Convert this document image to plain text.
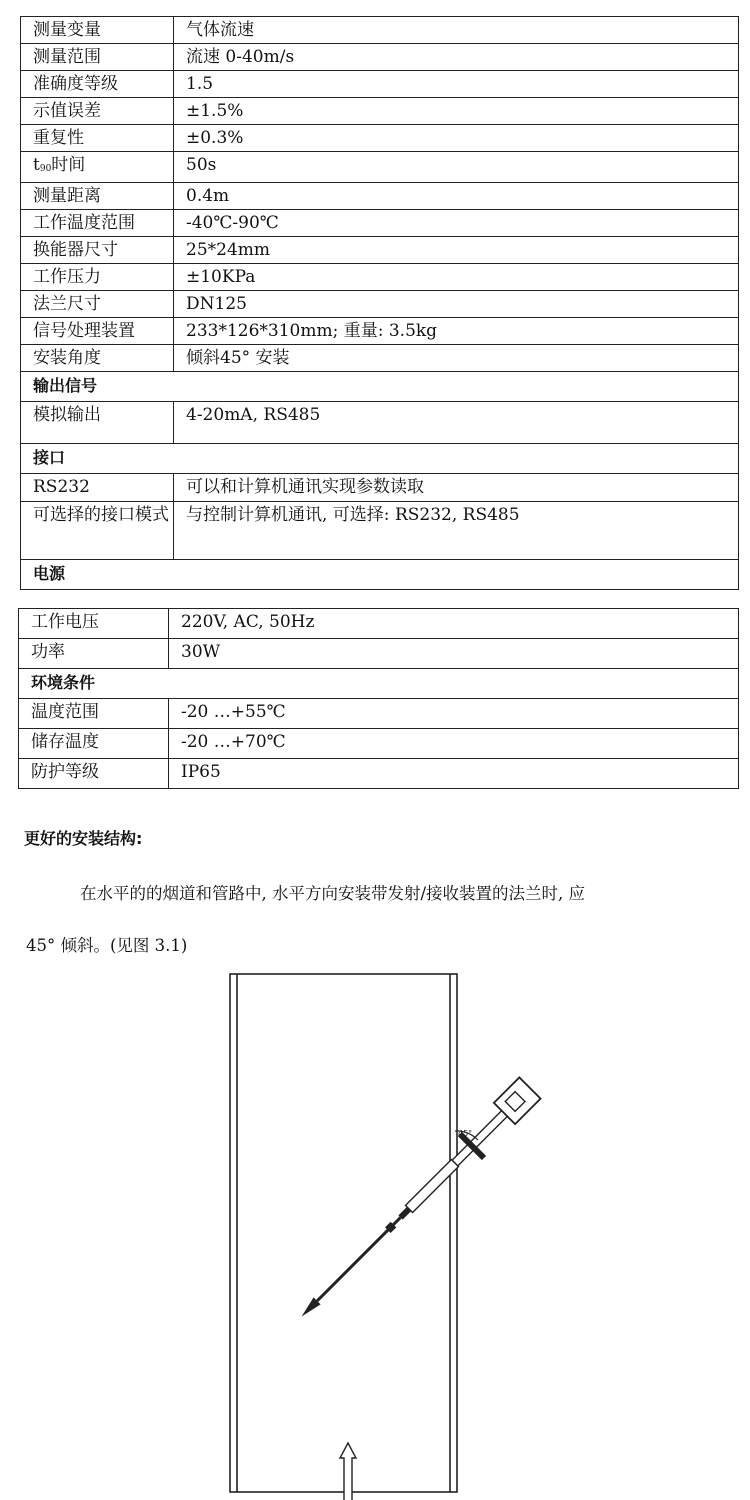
测量变量	气体流速
测量范围	流速 0-40m/s
准确度等级	1.5
示值误差	±1.5%
重复性	±0.3%
t90时间	50s
测量距离	0.4m
工作温度范围	-40℃-90℃
换能器尺寸	25*24mm
工作压力	±10KPa
法兰尺寸	DN125
信号处理装置	233*126*310mm; 重量: 3.5kg
安装角度	倾斜45° 安装
输出信号	
模拟输出	4-20mA, RS485
接口	
RS232	可以和计算机通讯实现参数读取
可选择的接口模式	与控制计算机通讯, 可选择: RS232, RS485
电源	
工作电压	220V, AC, 50Hz
功率	30W
环境条件	
温度范围	-20 …+55℃
储存温度	-20 …+70℃
防护等级	IP65
更好的安装结构:
在水平的的烟道和管路中, 水平方向安装带发射/接收装置的法兰时, 应
45° 倾斜。(见图 3.1)
45°
